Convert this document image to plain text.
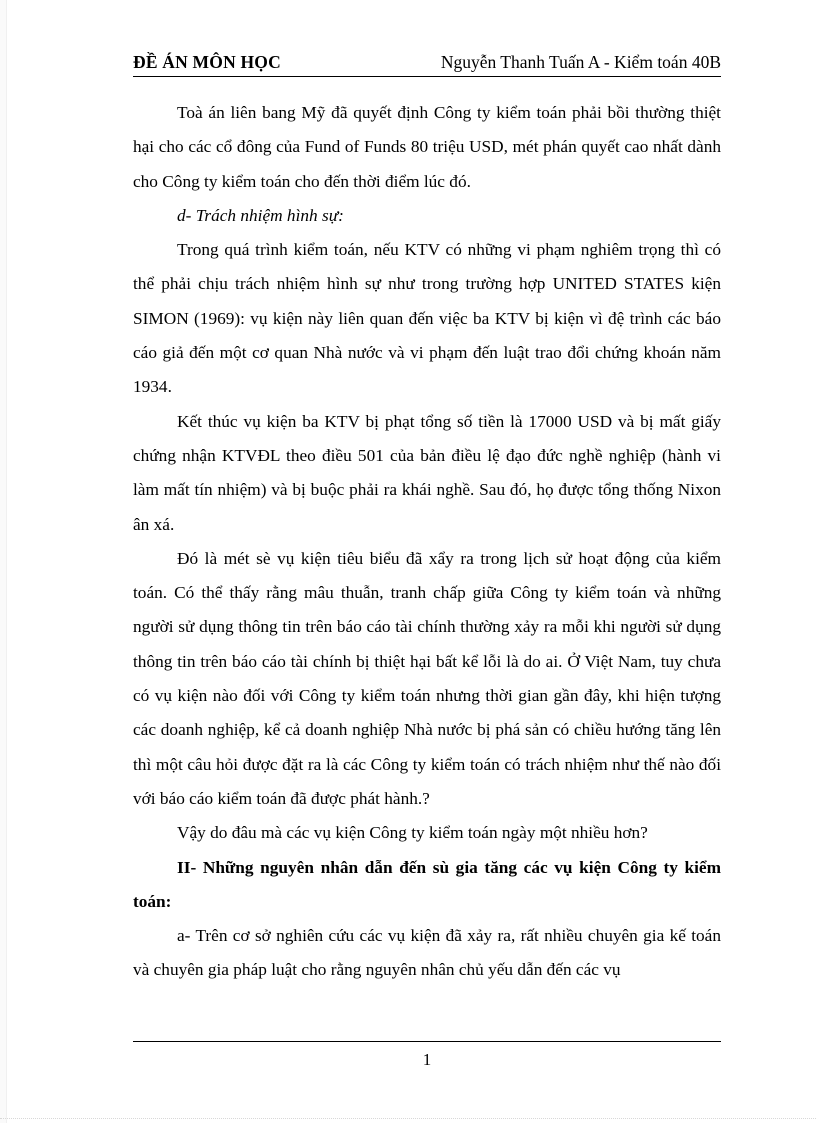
ĐỀ ÁN MÔN HỌC	Nguyễn Thanh Tuấn A - Kiểm toán 40B

Toà án liên bang Mỹ đã quyết định Công ty kiểm toán phải bồi thường thiệt hại cho các cổ đông của Fund of Funds 80 triệu USD, mét phán quyết cao nhất dành cho Công ty kiểm toán cho đến thời điểm lúc đó.

d- Trách nhiệm hình sự:

Trong quá trình kiểm toán, nếu KTV có những vi phạm nghiêm trọng thì có thể phải chịu trách nhiệm hình sự như trong trường hợp UNITED STATES kiện SIMON (1969): vụ kiện này liên quan đến việc ba KTV bị kiện vì đệ trình các báo cáo giả đến một cơ quan Nhà nước và vi phạm đến luật trao đổi chứng khoán năm 1934.

Kết thúc vụ kiện ba KTV bị phạt tổng số tiền là 17000 USD và bị mất giấy chứng nhận KTVĐL theo điều 501 của bản điều lệ đạo đức nghề nghiệp (hành vi làm mất tín nhiệm) và bị buộc phải ra khái nghề. Sau đó, họ được tổng thống Nixon ân xá.

Đó là mét sè vụ kiện tiêu biểu đã xẩy ra trong lịch sử hoạt động của kiểm toán. Có thể thấy rằng mâu thuẫn, tranh chấp giữa Công ty kiểm toán và những người sử dụng thông tin trên báo cáo tài chính thường xảy ra mỗi khi người sử dụng thông tin trên báo cáo tài chính bị thiệt hại bất kể lỗi là do ai. Ở Việt Nam, tuy chưa có vụ kiện nào đối với Công ty kiểm toán nhưng thời gian gần đây, khi hiện tượng các doanh nghiệp, kể cả doanh nghiệp Nhà nước bị phá sản có chiều hướng tăng lên thì một câu hỏi được đặt ra là các Công ty kiểm toán có trách nhiệm như thế nào đối với báo cáo kiểm toán đã được phát hành.?

Vậy do đâu mà các vụ kiện Công ty kiểm toán ngày một nhiều hơn?

II- Những nguyên nhân dẫn đến sù gia tăng các vụ kiện Công ty kiểm toán:

a- Trên cơ sở nghiên cứu các vụ kiện đã xảy ra, rất nhiều chuyên gia kế toán và chuyên gia pháp luật cho rằng nguyên nhân chủ yếu dẫn đến các vụ

1
